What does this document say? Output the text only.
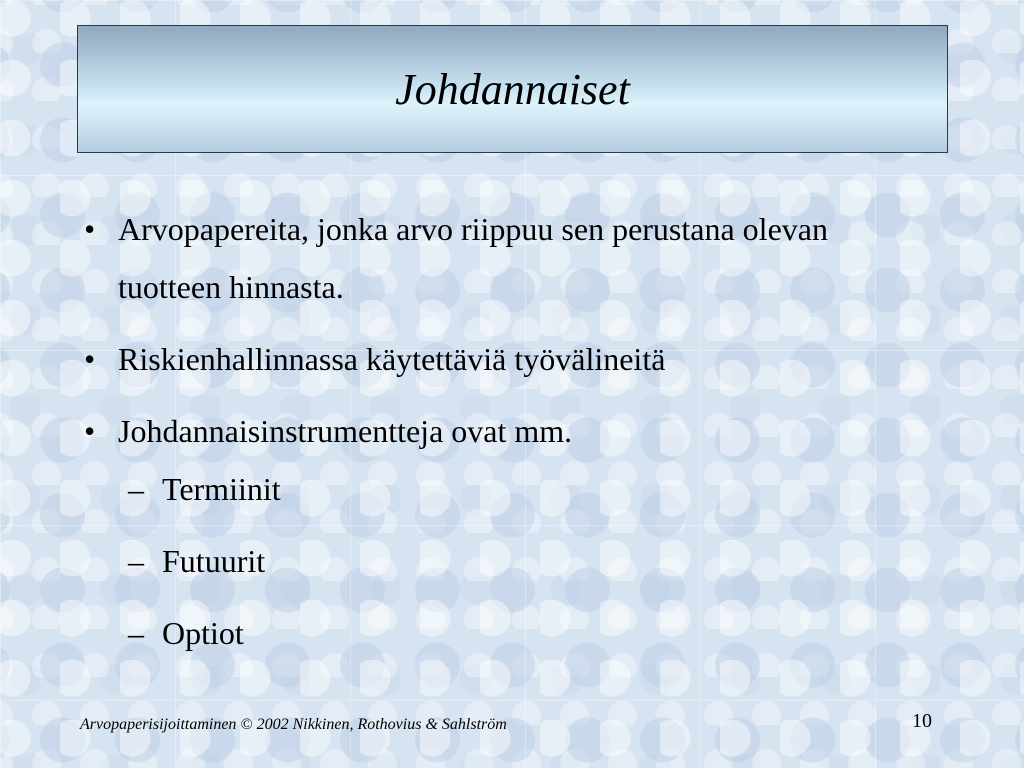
Johdannaiset
• Arvopapereita, jonka arvo riippuu sen perustana olevan tuotteen hinnasta.
• Riskienhallinnassa käytettäviä työvälineitä
• Johdannaisinstrumentteja ovat mm.
– Termiinit
– Futuurit
– Optiot
Arvopaperisijoittaminen © 2002 Nikkinen, Rothovius & Sahlström	10
